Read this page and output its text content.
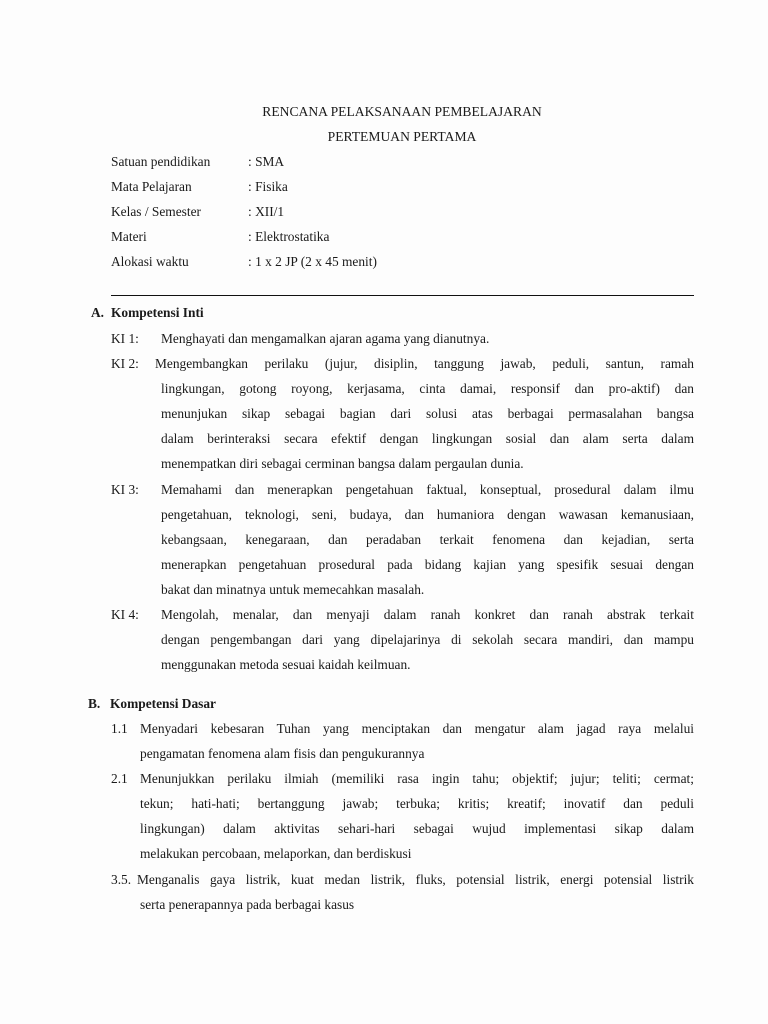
RENCANA PELAKSANAAN PEMBELAJARAN
PERTEMUAN PERTAMA
Satuan pendidikan	: SMA
Mata Pelajaran	: Fisika
Kelas / Semester	: XII/1
Materi	: Elektrostatika
Alokasi waktu	: 1 x 2 JP (2 x 45 menit)
A. Kompetensi Inti
KI 1: Menghayati dan mengamalkan ajaran agama yang dianutnya.
KI 2: Mengembangkan perilaku (jujur, disiplin, tanggung jawab, peduli, santun, ramah
lingkungan, gotong royong, kerjasama, cinta damai, responsif dan pro-aktif) dan
menunjukan sikap sebagai bagian dari solusi atas berbagai permasalahan bangsa
dalam berinteraksi secara efektif dengan lingkungan sosial dan alam serta dalam
menempatkan diri sebagai cerminan bangsa dalam pergaulan dunia.
KI 3: Memahami dan menerapkan pengetahuan faktual, konseptual, prosedural dalam ilmu
pengetahuan, teknologi, seni, budaya, dan humaniora dengan wawasan kemanusiaan,
kebangsaan, kenegaraan, dan peradaban terkait fenomena dan kejadian, serta
menerapkan pengetahuan prosedural pada bidang kajian yang spesifik sesuai dengan
bakat dan minatnya untuk memecahkan masalah.
KI 4: Mengolah, menalar, dan menyaji dalam ranah konkret dan ranah abstrak terkait
dengan pengembangan dari yang dipelajarinya di sekolah secara mandiri, dan mampu
menggunakan metoda sesuai kaidah keilmuan.
B. Kompetensi Dasar
1.1 Menyadari kebesaran Tuhan yang menciptakan dan mengatur alam jagad raya melalui
pengamatan fenomena alam fisis dan pengukurannya
2.1 Menunjukkan perilaku ilmiah (memiliki rasa ingin tahu; objektif; jujur; teliti; cermat;
tekun; hati-hati; bertanggung jawab; terbuka; kritis; kreatif; inovatif dan peduli
lingkungan) dalam aktivitas sehari-hari sebagai wujud implementasi sikap dalam
melakukan percobaan, melaporkan, dan berdiskusi
3.5. Menganalis gaya listrik, kuat medan listrik, fluks, potensial listrik, energi potensial listrik
serta penerapannya pada berbagai kasus
